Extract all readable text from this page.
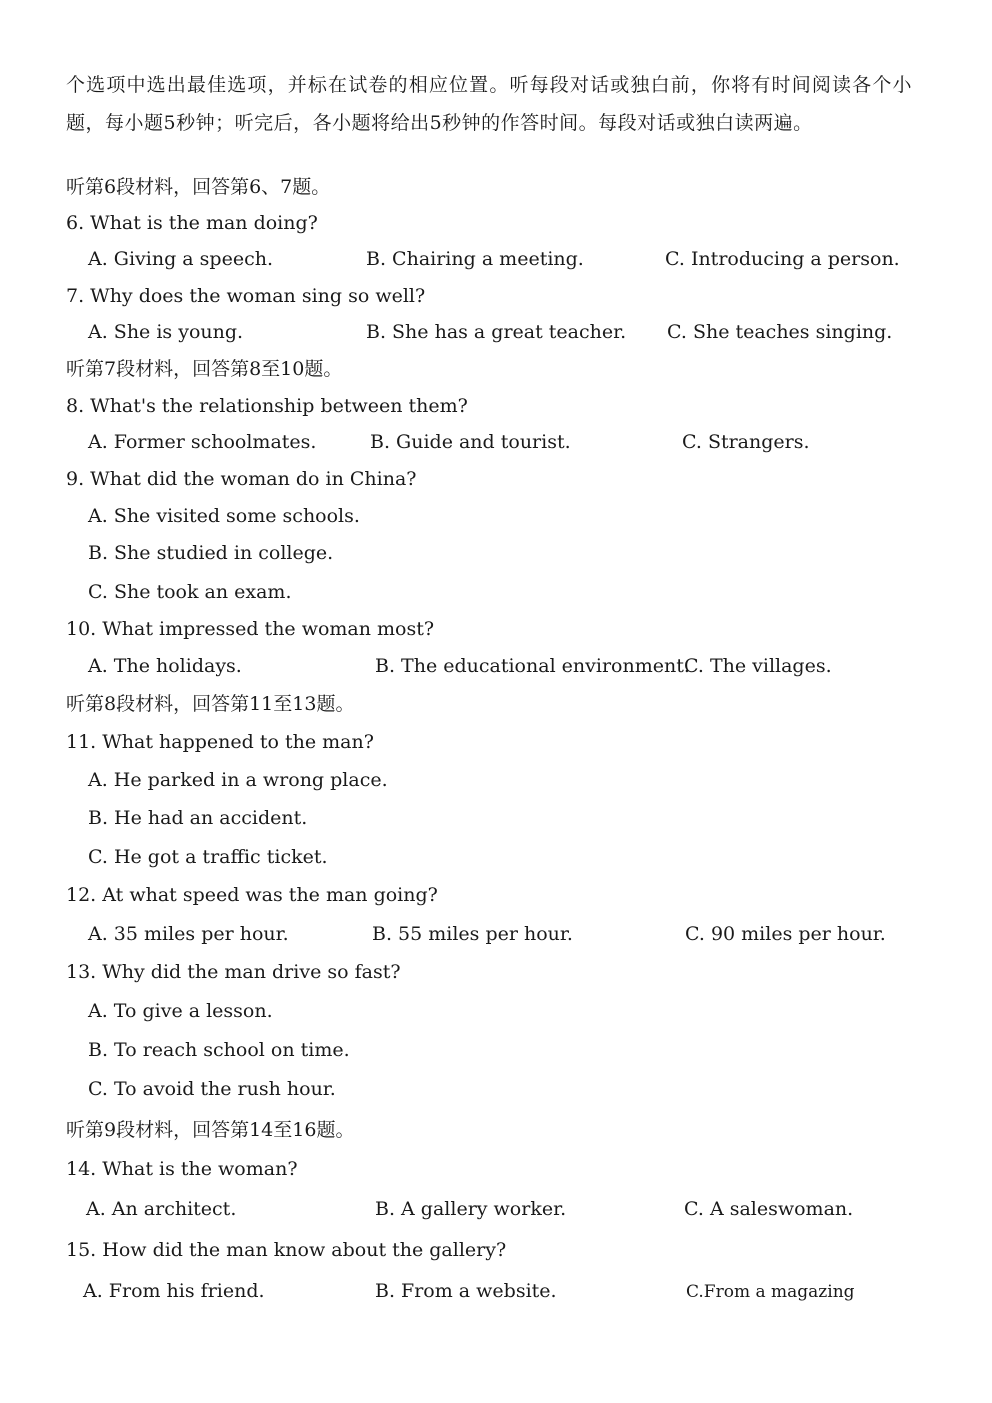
个选项中选出最佳选项，并标在试卷的相应位置。听每段对话或独白前，你将有时间阅读各个小题，每小题5秒钟；听完后，各小题将给出5秒钟的作答时间。每段对话或独白读两遍。
听第6段材料，回答第6、7题。
6. What is the man doing?
A. Giving a speech.	B. Chairing a meeting.	C. Introducing a person.
7. Why does the woman sing so well?
A. She is young.	B. She has a great teacher. C. She teaches singing.
听第7段材料，回答第8至10题。
8. What's the relationship between them?
A. Former schoolmates.	B. Guide and tourist.	C. Strangers.
9. What did the woman do in China?
A. She visited some schools.
B. She studied in college.
C. She took an exam.
10. What impressed the woman most?
A. The holidays.	B. The educational environment.
C. The villages.
听第8段材料，回答第11至13题。
11. What happened to the man?
A. He parked in a wrong place.
B. He had an accident.
C. He got a traffic ticket.
12. At what speed was the man going?
A. 35 miles per hour.	B. 55 miles per hour.	C. 90 miles per hour.
13. Why did the man drive so fast?
A. To give a lesson.
B. To reach school on time.
C. To avoid the rush hour.
听第9段材料，回答第14至16题。
14. What is the woman?
A. An architect.	B. A gallery worker.	C. A saleswoman.
15. How did the man know about the gallery?
A. From his friend.	B. From a website.	C.From a magazing
